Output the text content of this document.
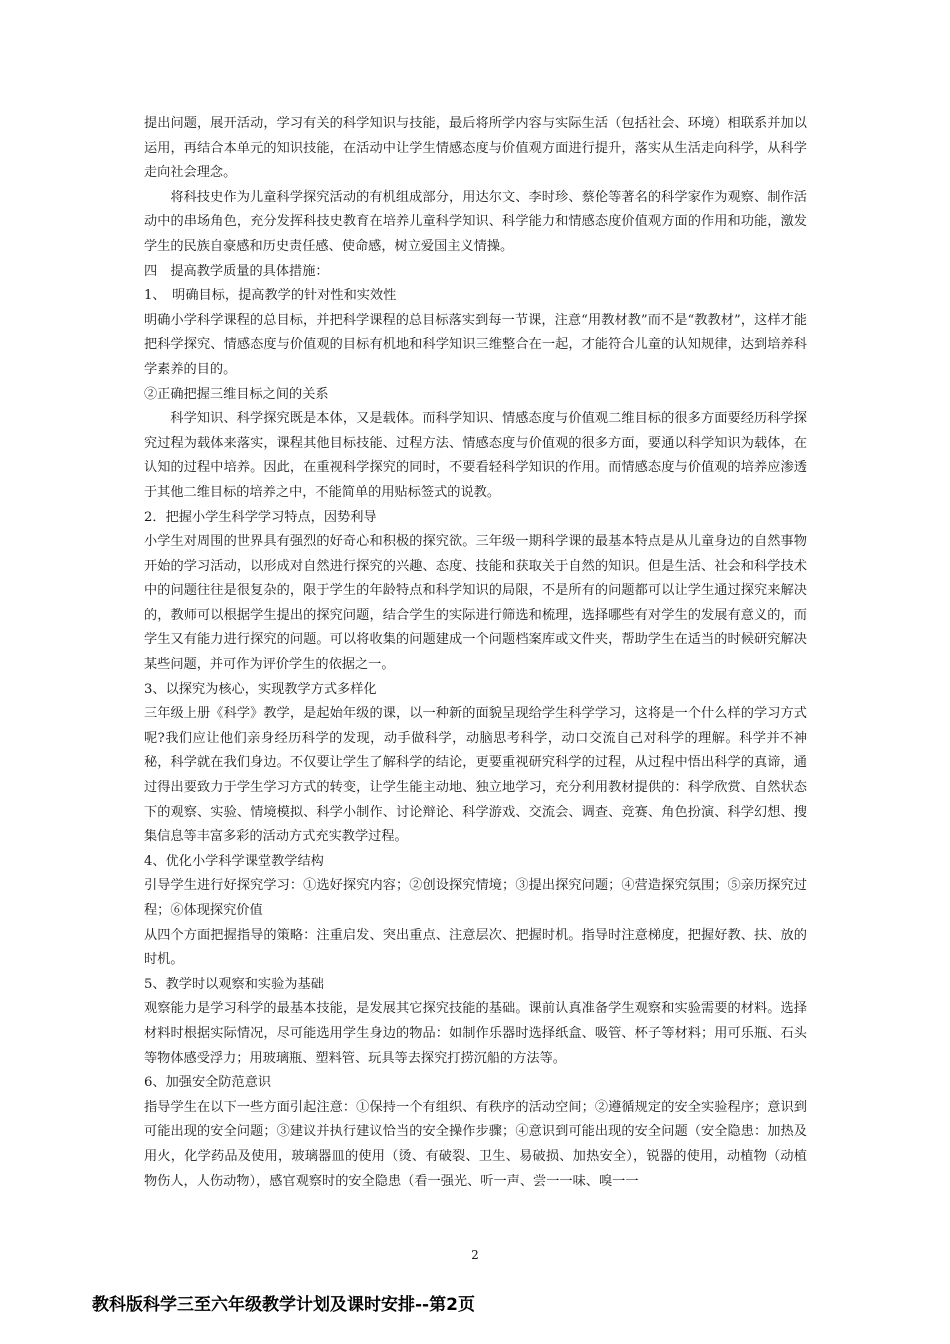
提出问题，展开活动，学习有关的科学知识与技能，最后将所学内容与实际生活（包括社会、环境）相联系并加以运用，再结合本单元的知识技能，在活动中让学生情感态度与价值观方面进行提升，落实从生活走向科学，从科学走向社会理念。

将科技史作为儿童科学探究活动的有机组成部分，用达尔文、李时珍、蔡伦等著名的科学家作为观察、制作活动中的串场角色，充分发挥科技史教育在培养儿童科学知识、科学能力和情感态度价值观方面的作用和功能，激发学生的民族自豪感和历史责任感、使命感，树立爱国主义情操。

四　提高教学质量的具体措施：

1、　明确目标，提高教学的针对性和实效性

明确小学科学课程的总目标，并把科学课程的总目标落实到每一节课，注意“用教材教”而不是“教教材”，这样才能把科学探究、情感态度与价值观的目标有机地和科学知识三维整合在一起，才能符合儿童的认知规律，达到培养科学素养的目的。

②正确把握三维目标之间的关系

科学知识、科学探究既是本体，又是载体。而科学知识、情感态度与价值观二维目标的很多方面要经历科学探究过程为载体来落实，课程其他目标技能、过程方法、情感态度与价值观的很多方面，要通以科学知识为载体，在认知的过程中培养。因此，在重视科学探究的同时，不要看轻科学知识的作用。而情感态度与价值观的培养应渗透于其他二维目标的培养之中，不能简单的用贴标签式的说教。

2．把握小学生科学学习特点，因势利导

小学生对周围的世界具有强烈的好奇心和积极的探究欲。三年级一期科学课的最基本特点是从儿童身边的自然事物开始的学习活动，以形成对自然进行探究的兴趣、态度、技能和获取关于自然的知识。但是生活、社会和科学技术中的问题往往是很复杂的，限于学生的年龄特点和科学知识的局限，不是所有的问题都可以让学生通过探究来解决的，教师可以根据学生提出的探究问题，结合学生的实际进行筛选和梳理，选择哪些有对学生的发展有意义的，而学生又有能力进行探究的问题。可以将收集的问题建成一个问题档案库或文件夹，帮助学生在适当的时候研究解决某些问题，并可作为评价学生的依据之一。

3、以探究为核心，实现教学方式多样化

三年级上册《科学》教学，是起始年级的课，以一种新的面貌呈现给学生科学学习，这将是一个什么样的学习方式呢?我们应让他们亲身经历科学的发现，动手做科学，动脑思考科学，动口交流自己对科学的理解。科学并不神秘，科学就在我们身边。不仅要让学生了解科学的结论，更要重视研究科学的过程，从过程中悟出科学的真谛，通过得出要致力于学生学习方式的转变，让学生能主动地、独立地学习，充分利用教材提供的：科学欣赏、自然状态下的观察、实验、情境模拟、科学小制作、讨论辩论、科学游戏、交流会、调查、竞赛、角色扮演、科学幻想、搜集信息等丰富多彩的活动方式充实教学过程。

4、优化小学科学课堂教学结构

引导学生进行好探究学习：①选好探究内容；②创设探究情境；③提出探究问题；④营造探究氛围；⑤亲历探究过程；⑥体现探究价值

从四个方面把握指导的策略：注重启发、突出重点、注意层次、把握时机。指导时注意梯度，把握好教、扶、放的时机。

5、教学时以观察和实验为基础

观察能力是学习科学的最基本技能，是发展其它探究技能的基础。课前认真准备学生观察和实验需要的材料。选择材料时根据实际情况，尽可能选用学生身边的物品：如制作乐器时选择纸盒、吸管、杯子等材料；用可乐瓶、石头等物体感受浮力；用玻璃瓶、塑料管、玩具等去探究打捞沉船的方法等。

6、加强安全防范意识

指导学生在以下一些方面引起注意：①保持一个有组织、有秩序的活动空间；②遵循规定的安全实验程序；意识到可能出现的安全问题；③建议并执行建议恰当的安全操作步骤；④意识到可能出现的安全问题（安全隐患：加热及用火，化学药品及使用，玻璃器皿的使用（烫、有破裂、卫生、易破损、加热安全），锐器的使用，动植物（动植物伤人，人伤动物），感官观察时的安全隐患（看一强光、听一声、尝一一味、嗅一一

2
教科版科学三至六年级教学计划及课时安排--第2页
